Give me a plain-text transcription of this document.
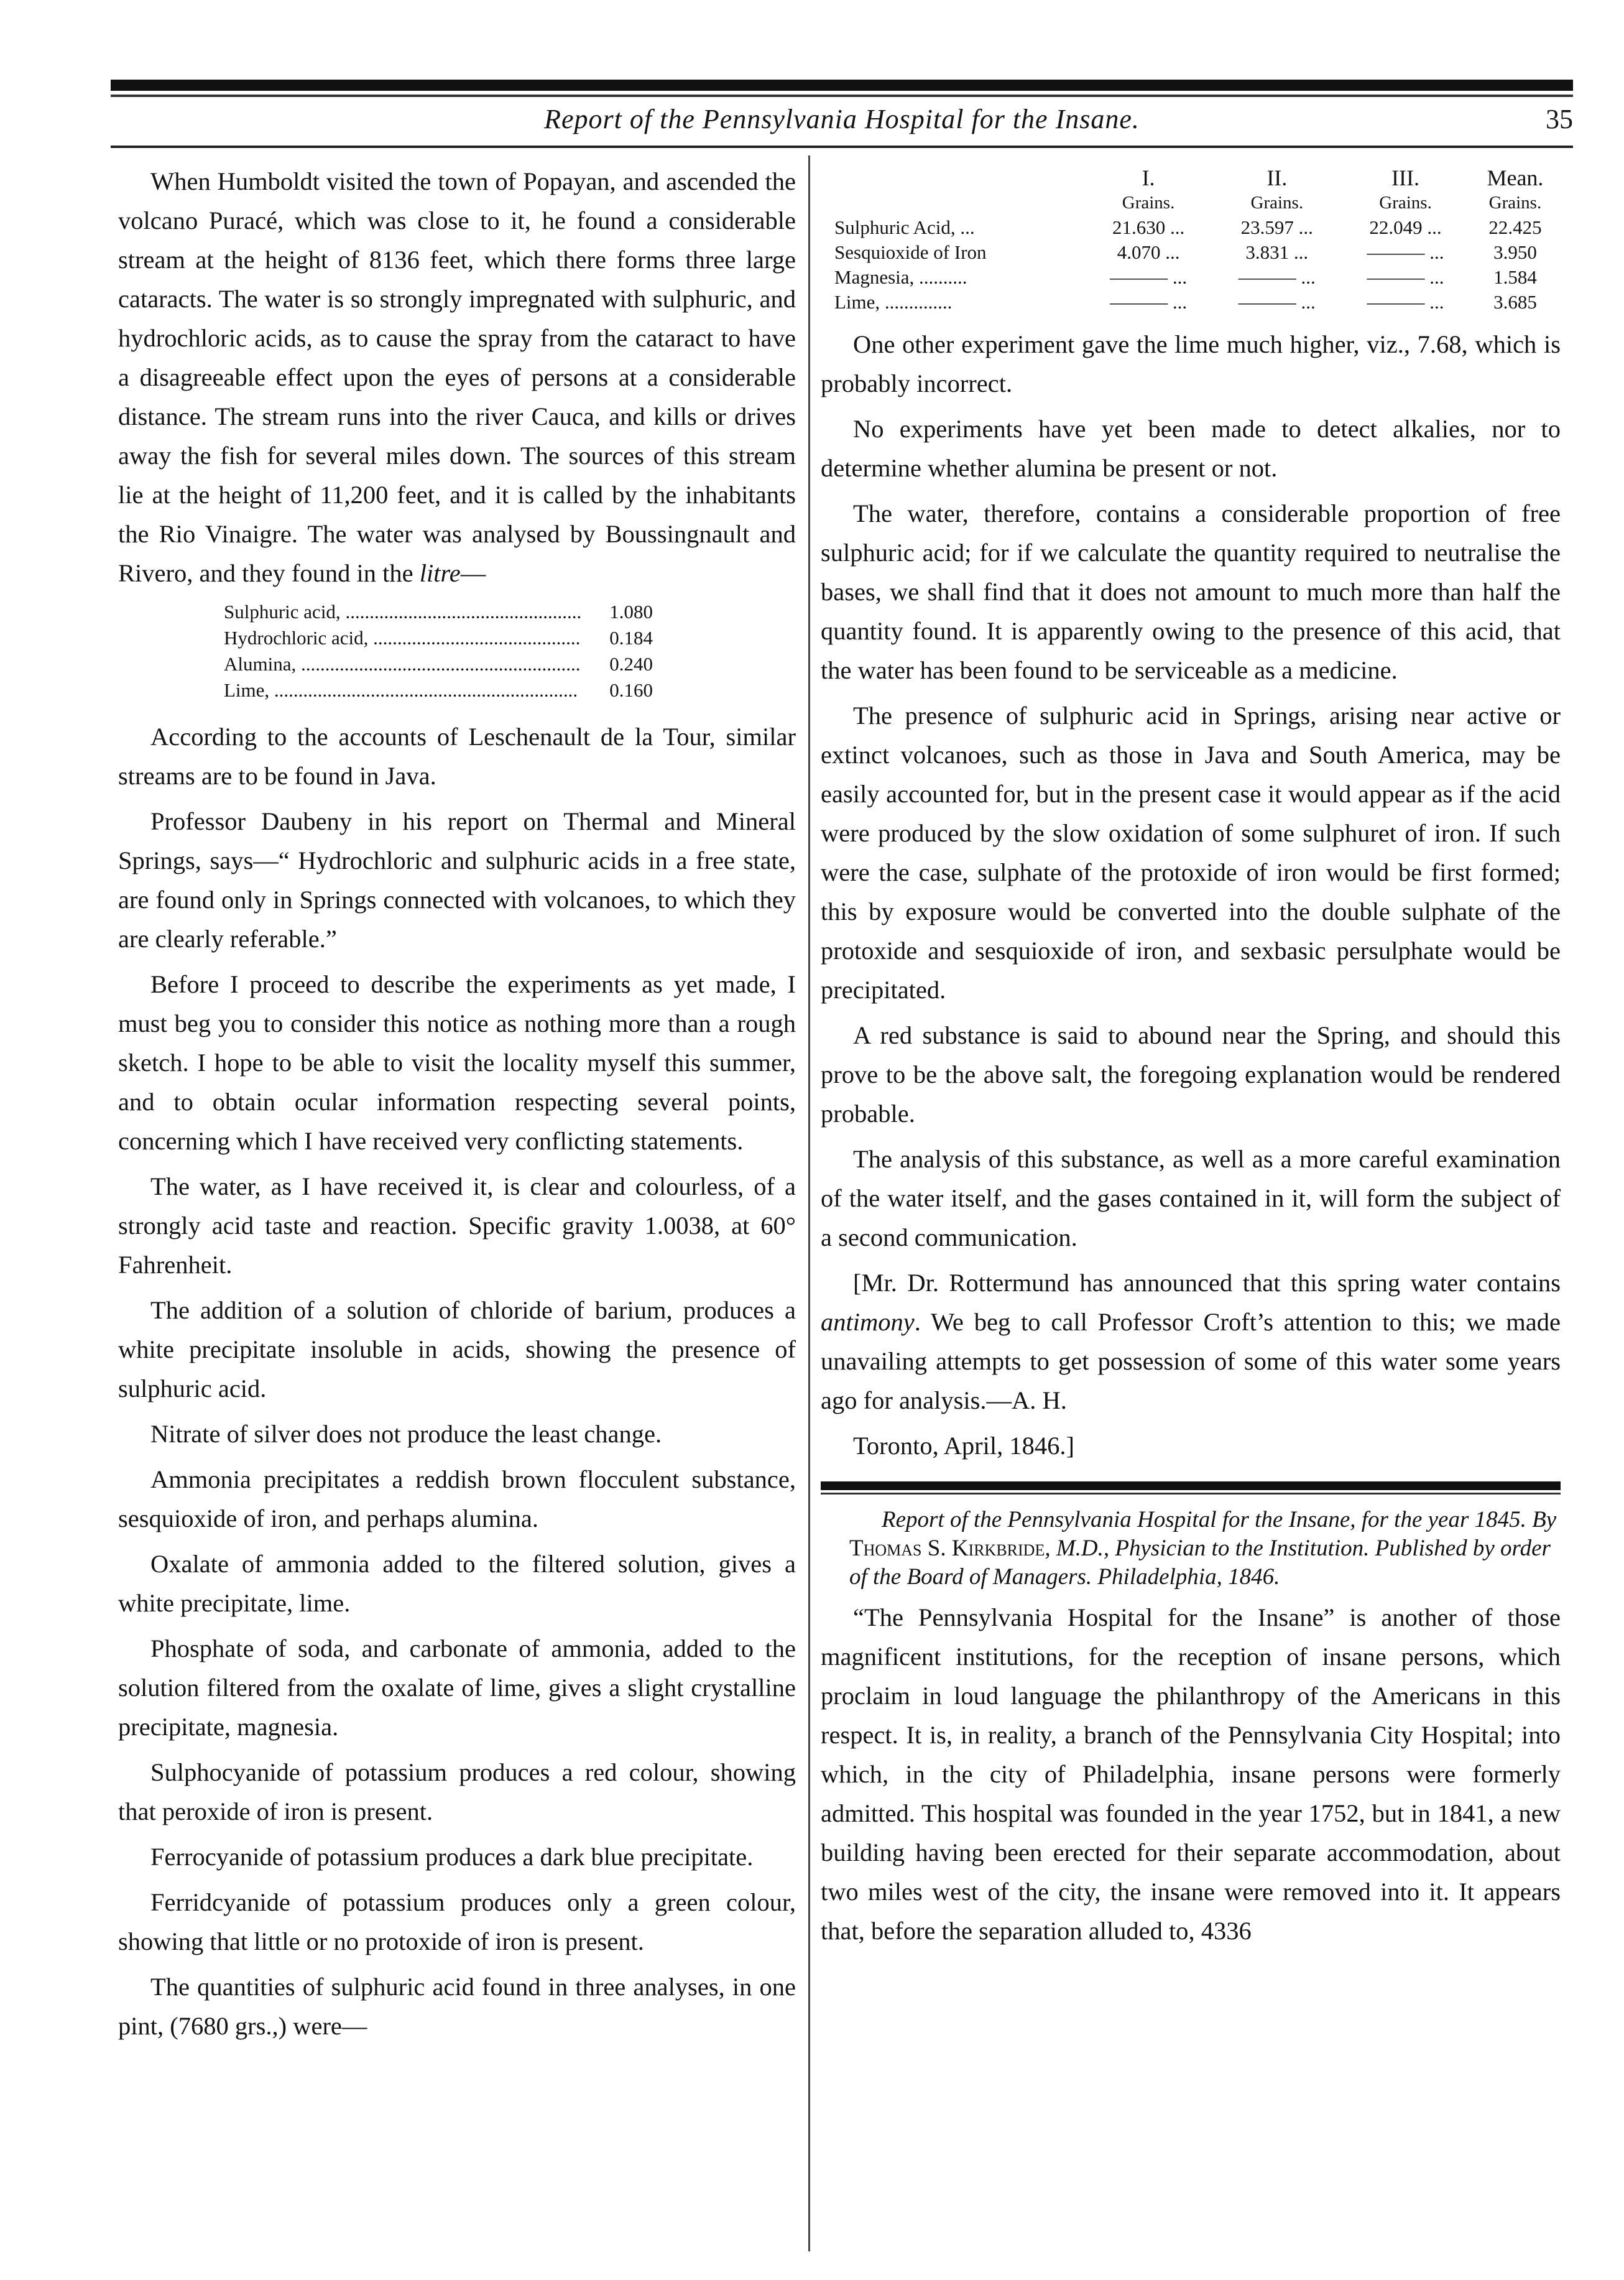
Report of the Pennsylvania Hospital for the Insane.	35

When Humboldt visited the town of Popayan, and ascended the volcano Puracé, which was close to it, he found a considerable stream at the height of 8136 feet, which there forms three large cataracts. The water is so strongly impregnated with sulphuric, and hydrochloric acids, as to cause the spray from the cataract to have a disagreeable effect upon the eyes of persons at a considerable distance. The stream runs into the river Cauca, and kills or drives away the fish for several miles down. The sources of this stream lie at the height of 11,200 feet, and it is called by the inhabitants the Rio Vinaigre. The water was analysed by Boussingnault and Rivero, and they found in the litre—

Sulphuric acid, .....	1.080
Hydrochloric acid, .....	0.184
Alumina, .....	0.240
Lime, .....	0.160

According to the accounts of Leschenault de la Tour, similar streams are to be found in Java.

Professor Daubeny in his report on Thermal and Mineral Springs, says—“ Hydrochloric and sulphuric acids in a free state, are found only in Springs connected with volcanoes, to which they are clearly referable.”

Before I proceed to describe the experiments as yet made, I must beg you to consider this notice as nothing more than a rough sketch. I hope to be able to visit the locality myself this summer, and to obtain ocular information respecting several points, concerning which I have received very conflicting statements.

The water, as I have received it, is clear and colourless, of a strongly acid taste and reaction. Specific gravity 1.0038, at 60° Fahrenheit.

The addition of a solution of chloride of barium, produces a white precipitate insoluble in acids, showing the presence of sulphuric acid.

Nitrate of silver does not produce the least change.

Ammonia precipitates a reddish brown flocculent substance, sesquioxide of iron, and perhaps alumina.

Oxalate of ammonia added to the filtered solution, gives a white precipitate, lime.

Phosphate of soda, and carbonate of ammonia, added to the solution filtered from the oxalate of lime, gives a slight crystalline precipitate, magnesia.

Sulphocyanide of potassium produces a red colour, showing that peroxide of iron is present.

Ferrocyanide of potassium produces a dark blue precipitate.

Ferridcyanide of potassium produces only a green colour, showing that little or no protoxide of iron is present.

The quantities of sulphuric acid found in three analyses, in one pint, (7680 grs.,) were—

	I.	II.	III.	Mean.
	Grains.	Grains.	Grains.	Grains.
Sulphuric Acid, ...	21.630 ...	23.597 ...	22.049 ...	22.425
Sesquioxide of Iron	4.070 ...	3.831 ...	——— ...	3.950
Magnesia, ..........	——— ...	——— ...	——— ...	1.584
Lime, ..............	——— ...	——— ...	——— ...	3.685

One other experiment gave the lime much higher, viz., 7.68, which is probably incorrect.

No experiments have yet been made to detect alkalies, nor to determine whether alumina be present or not.

The water, therefore, contains a considerable proportion of free sulphuric acid; for if we calculate the quantity required to neutralise the bases, we shall find that it does not amount to much more than half the quantity found. It is apparently owing to the presence of this acid, that the water has been found to be serviceable as a medicine.

The presence of sulphuric acid in Springs, arising near active or extinct volcanoes, such as those in Java and South America, may be easily accounted for, but in the present case it would appear as if the acid were produced by the slow oxidation of some sulphuret of iron. If such were the case, sulphate of the protoxide of iron would be first formed; this by exposure would be converted into the double sulphate of the protoxide and sesquioxide of iron, and sexbasic persulphate would be precipitated.

A red substance is said to abound near the Spring, and should this prove to be the above salt, the foregoing explanation would be rendered probable.

The analysis of this substance, as well as a more careful examination of the water itself, and the gases contained in it, will form the subject of a second communication.

[Mr. Dr. Rottermund has announced that this spring water contains antimony. We beg to call Professor Croft’s attention to this; we made unavailing attempts to get possession of some of this water some years ago for analysis.—A. H.

Toronto, April, 1846.]

Report of the Pennsylvania Hospital for the Insane, for the year 1845. By Thomas S. Kirkbride, M.D., Physician to the Institution. Published by order of the Board of Managers. Philadelphia, 1846.

“The Pennsylvania Hospital for the Insane” is another of those magnificent institutions, for the reception of insane persons, which proclaim in loud language the philanthropy of the Americans in this respect. It is, in reality, a branch of the Pennsylvania City Hospital; into which, in the city of Philadelphia, insane persons were formerly admitted. This hospital was founded in the year 1752, but in 1841, a new building having been erected for their separate accommodation, about two miles west of the city, the insane were removed into it. It appears that, before the separation alluded to, 4336
